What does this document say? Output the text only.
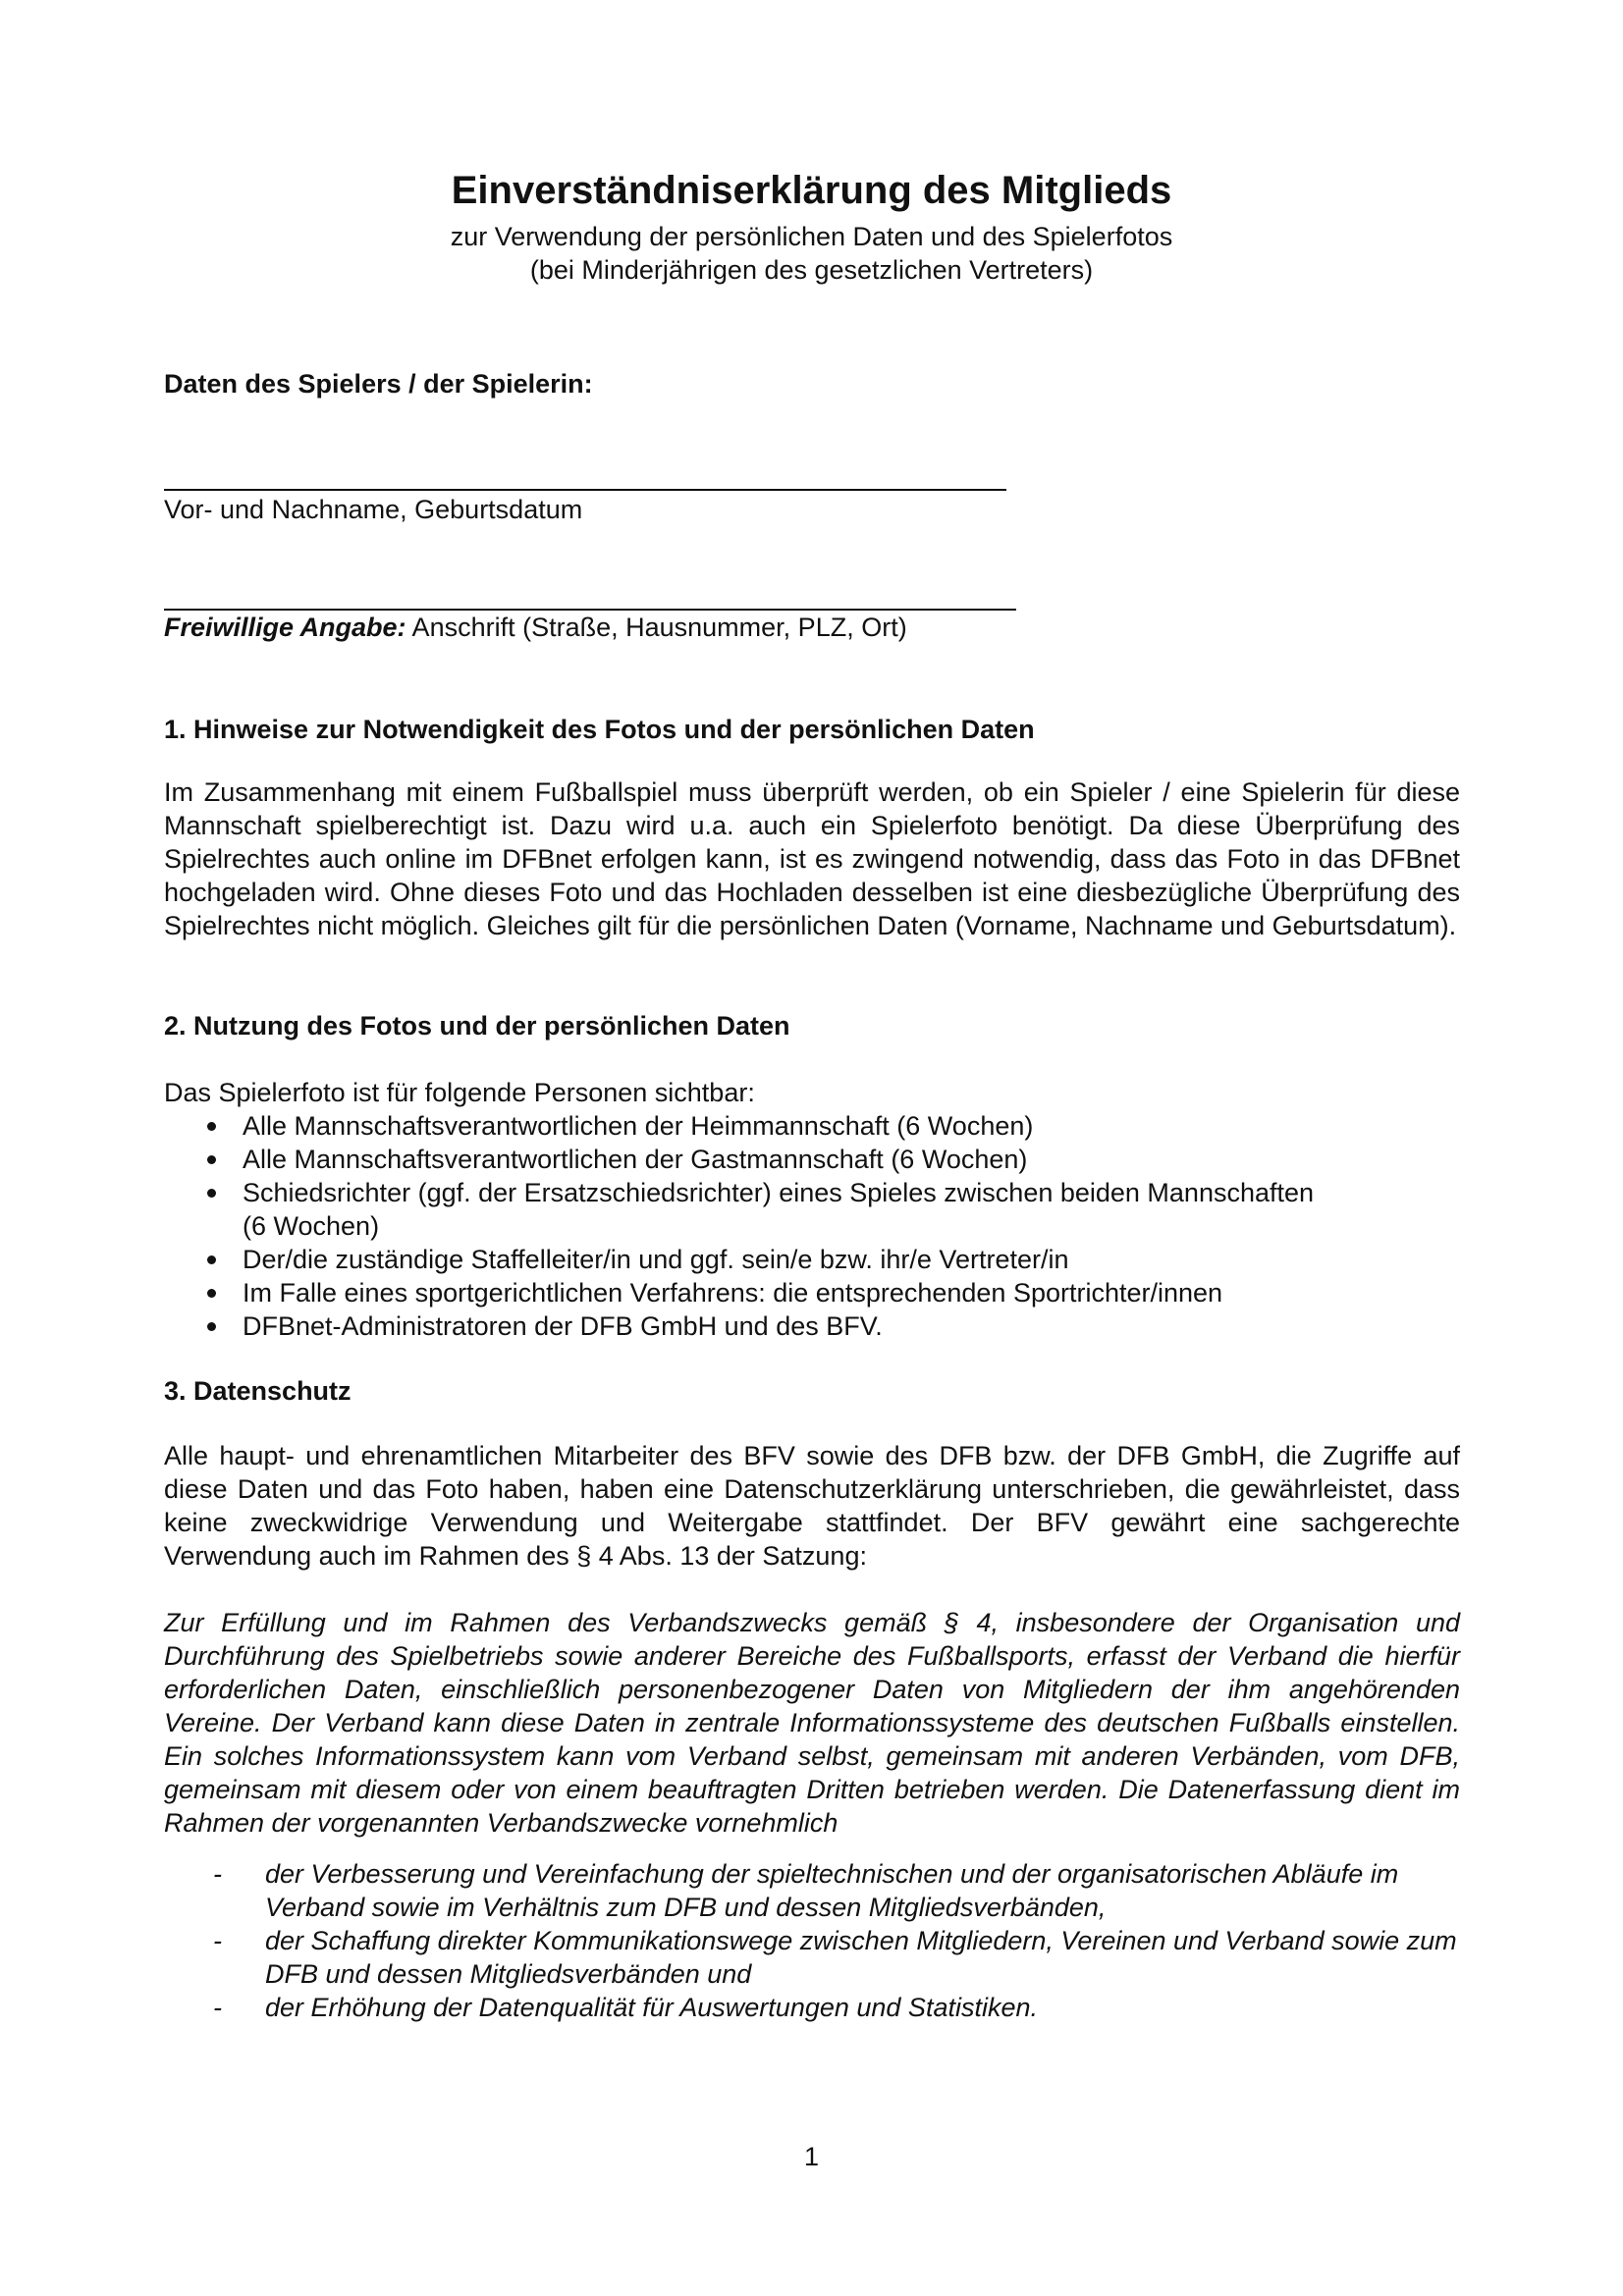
Einverständniserklärung des Mitglieds
zur Verwendung der persönlichen Daten und des Spielerfotos
(bei Minderjährigen des gesetzlichen Vertreters)
Daten des Spielers / der Spielerin:
Vor- und Nachname, Geburtsdatum
Freiwillige Angabe: Anschrift (Straße, Hausnummer, PLZ, Ort)
1. Hinweise zur Notwendigkeit des Fotos und der persönlichen Daten
Im Zusammenhang mit einem Fußballspiel muss überprüft werden, ob ein Spieler / eine Spielerin für diese Mannschaft spielberechtigt ist. Dazu wird u.a. auch ein Spielerfoto benötigt. Da diese Überprüfung des Spielrechtes auch online im DFBnet erfolgen kann, ist es zwingend notwendig, dass das Foto in das DFBnet hochgeladen wird. Ohne dieses Foto und das Hochladen desselben ist eine diesbezügliche Überprüfung des Spielrechtes nicht möglich. Gleiches gilt für die persönlichen Daten (Vorname, Nachname und Geburtsdatum).
2. Nutzung des Fotos und der persönlichen Daten
Das Spielerfoto ist für folgende Personen sichtbar:
Alle Mannschaftsverantwortlichen der Heimmannschaft (6 Wochen)
Alle Mannschaftsverantwortlichen der Gastmannschaft (6 Wochen)
Schiedsrichter (ggf. der Ersatzschiedsrichter) eines Spieles zwischen beiden Mannschaften (6 Wochen)
Der/die zuständige Staffelleiter/in und ggf. sein/e bzw. ihr/e Vertreter/in
Im Falle eines sportgerichtlichen Verfahrens: die entsprechenden Sportrichter/innen
DFBnet-Administratoren der DFB GmbH und des BFV.
3. Datenschutz
Alle haupt- und ehrenamtlichen Mitarbeiter des BFV sowie des DFB bzw. der DFB GmbH, die Zugriffe auf diese Daten und das Foto haben, haben eine Datenschutzerklärung unterschrieben, die gewährleistet, dass keine zweckwidrige Verwendung und Weitergabe stattfindet. Der BFV gewährt eine sachgerechte Verwendung auch im Rahmen des § 4 Abs. 13 der Satzung:
Zur Erfüllung und im Rahmen des Verbandszwecks gemäß § 4, insbesondere der Organisation und Durchführung des Spielbetriebs sowie anderer Bereiche des Fußballsports, erfasst der Verband die hierfür erforderlichen Daten, einschließlich personenbezogener Daten von Mitgliedern der ihm angehörenden Vereine. Der Verband kann diese Daten in zentrale Informationssysteme des deutschen Fußballs einstellen. Ein solches Informationssystem kann vom Verband selbst, gemeinsam mit anderen Verbänden, vom DFB, gemeinsam mit diesem oder von einem beauftragten Dritten betrieben werden. Die Datenerfassung dient im Rahmen der vorgenannten Verbandszwecke vornehmlich
- der Verbesserung und Vereinfachung der spieltechnischen und der organisatorischen Abläufe im Verband sowie im Verhältnis zum DFB und dessen Mitgliedsverbänden,
- der Schaffung direkter Kommunikationswege zwischen Mitgliedern, Vereinen und Verband sowie zum DFB und dessen Mitgliedsverbänden und
- der Erhöhung der Datenqualität für Auswertungen und Statistiken.
1
